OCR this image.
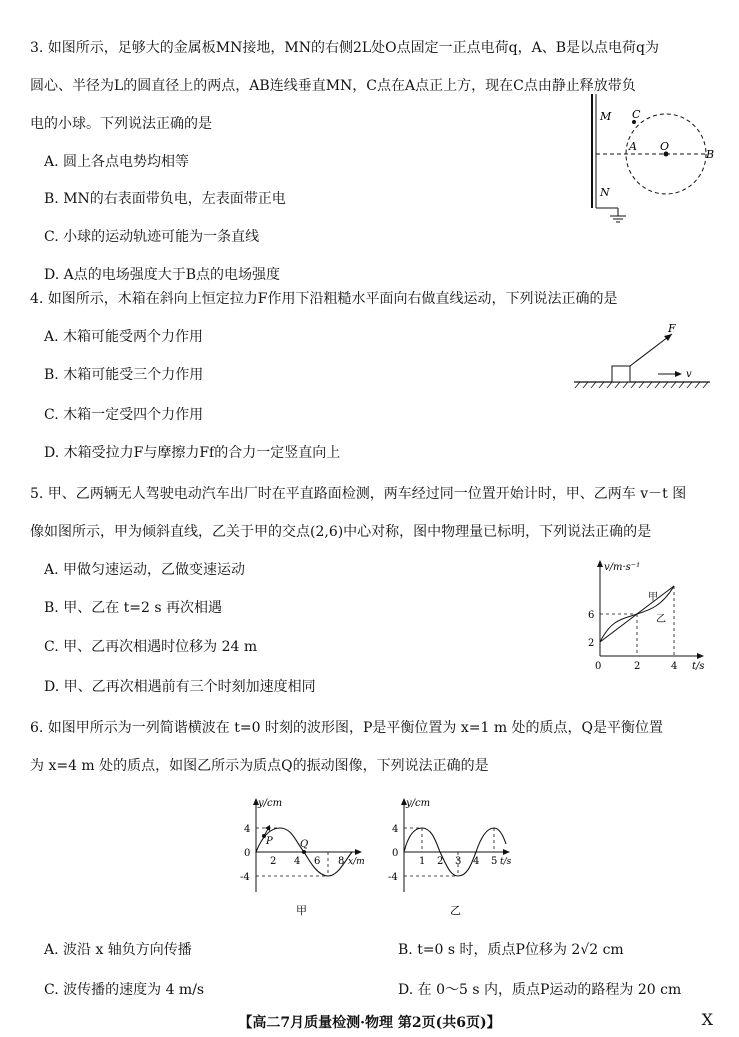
3. 如图所示，足够大的金属板MN接地，MN的右侧2L处O点固定一正点电荷q，A、B是以点电荷q为
圆心、半径为L的圆直径上的两点，AB连线垂直MN，C点在A点正上方，现在C点由静止释放带负
电的小球。下列说法正确的是
A. 圆上各点电势均相等
B. MN的右表面带负电，左表面带正电
C. 小球的运动轨迹可能为一条直线
D. A点的电场强度大于B点的电场强度
M
N
C
A O
B
4. 如图所示，木箱在斜向上恒定拉力F作用下沿粗糙水平面向右做直线运动，下列说法正确的是
A. 木箱可能受两个力作用
B. 木箱可能受三个力作用
C. 木箱一定受四个力作用
D. 木箱受拉力F与摩擦力Ff的合力一定竖直向上
F
v
5. 甲、乙两辆无人驾驶电动汽车出厂时在平直路面检测，两车经过同一位置开始计时，甲、乙两车 v－t 图
像如图所示，甲为倾斜直线，乙关于甲的交点(2,6)中心对称，图中物理量已标明，下列说法正确的是
A. 甲做匀速运动，乙做变速运动
B. 甲、乙在 t=2 s 再次相遇
C. 甲、乙再次相遇时位移为 24 m
D. 甲、乙再次相遇前有三个时刻加速度相同
v/m·s⁻¹
t/s
甲
乙
6
2
0	2	4
6. 如图甲所示为一列简谐横波在 t=0 时刻的波形图，P是平衡位置为 x=1 m 处的质点，Q是平衡位置
为 x=4 m 处的质点，如图乙所示为质点Q的振动图像，下列说法正确的是
y/cm
x/m
4
0
-4
2 4 6 8
P	Q
甲
y/cm
t/s
4
0
-4
1 2 3 4 5
乙
A. 波沿 x 轴负方向传播	B. t=0 s 时，质点P位移为 2√2 cm
C. 波传播的速度为 4 m/s	D. 在 0～5 s 内，质点P运动的路程为 20 cm
【高二7月质量检测·物理 第2页(共6页)】	X
